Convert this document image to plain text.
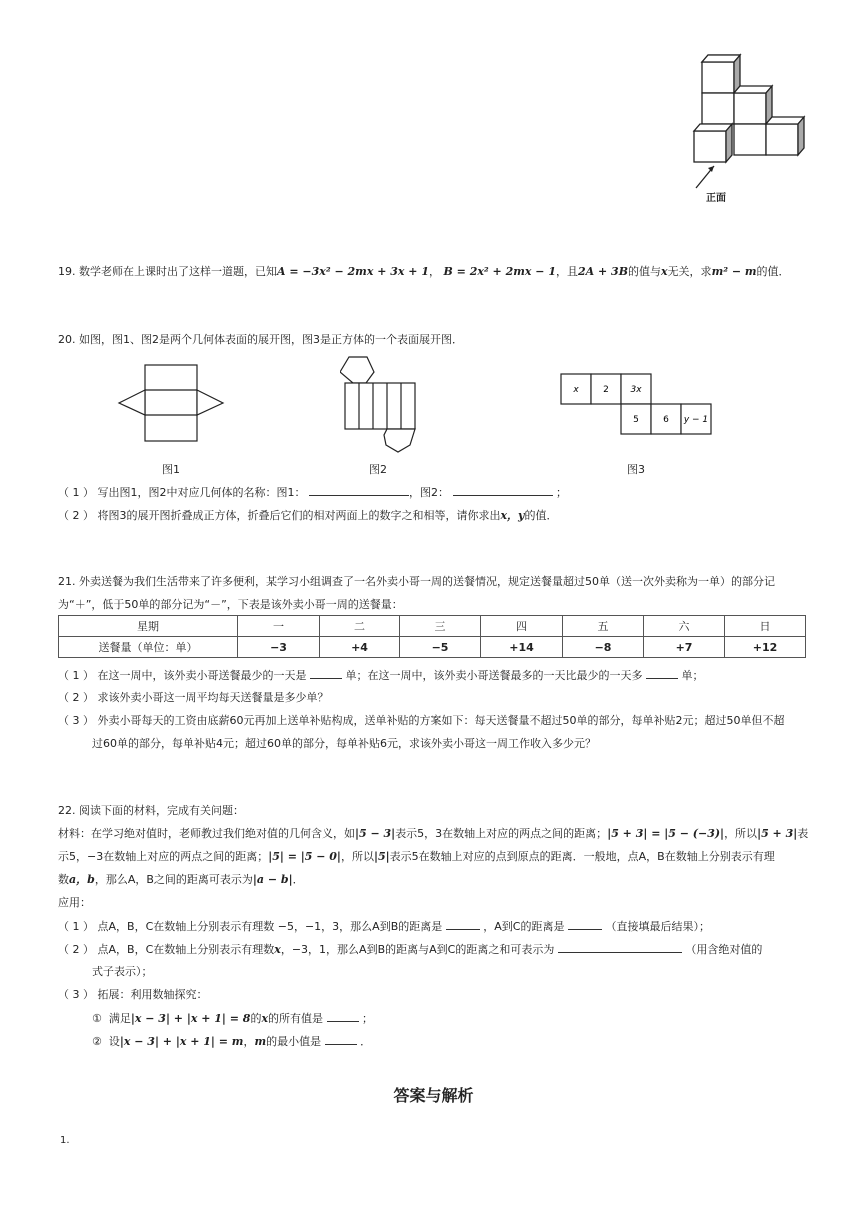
正面
19. 数学老师在上课时出了这样一道题，已知A = −3x² − 2mx + 3x + 1， B = 2x² + 2mx − 1，且2A + 3B的值与x无关，求m² − m的值．
20. 如图，图1、图2是两个几何体表面的展开图，图3是正方体的一个表面展开图．
图1	图2
x	2 3x
5	6 y − 1
图3
（ 1 ） 写出图1，图2中对应几何体的名称：图1：	，图2：	；
（ 2 ） 将图3的展开图折叠成正方体，折叠后它们的相对两面上的数字之和相等，请你求出x，y的值．
21. 外卖送餐为我们生活带来了许多便利，某学习小组调查了一名外卖小哥一周的送餐情况，规定送餐量超过50单（送一次外卖称为一单）的部分记
为“＋”，低于50单的部分记为“－”，下表是该外卖小哥一周的送餐量：
星期	一	二	三	四	五	六	日
送餐量（单位：单）	−3	+4	−5	+14	−8	+7	+12
（ 1 ） 在这一周中，该外卖小哥送餐最少的一天是	单；在这一周中，该外卖小哥送餐最多的一天比最少的一天多	单；
（ 2 ） 求该外卖小哥这一周平均每天送餐量是多少单？
（ 3 ） 外卖小哥每天的工资由底薪60元再加上送单补贴构成，送单补贴的方案如下：每天送餐量不超过50单的部分，每单补贴2元；超过50单但不超
过60单的部分，每单补贴4元；超过60单的部分，每单补贴6元，求该外卖小哥这一周工作收入多少元？
22. 阅读下面的材料，完成有关问题：
材料：在学习绝对值时，老师教过我们绝对值的几何含义，如|5 − 3|表示5，3在数轴上对应的两点之间的距离；|5 + 3| = |5 − (−3)|，所以|5 + 3|表
示5，−3在数轴上对应的两点之间的距离；|5| = |5 − 0|，所以|5|表示5在数轴上对应的点到原点的距离．一般地，点A，B在数轴上分别表示有理
数a，b，那么A，B之间的距离可表示为|a − b|．
应用：
（ 1 ） 点A，B，C在数轴上分别表示有理数 −5，−1，3，那么A到B的距离是	，A到C的距离是	（直接填最后结果）；
（ 2 ） 点A，B，C在数轴上分别表示有理数x，−3，1，那么A到B的距离与A到C的距离之和可表示为	（用含绝对值的
式子表示）；
（ 3 ） 拓展：利用数轴探究：
① 满足|x − 3| + |x + 1| = 8的x的所有值是	；
② 设|x − 3| + |x + 1| = m，m的最小值是	．
答案与解析
1.
